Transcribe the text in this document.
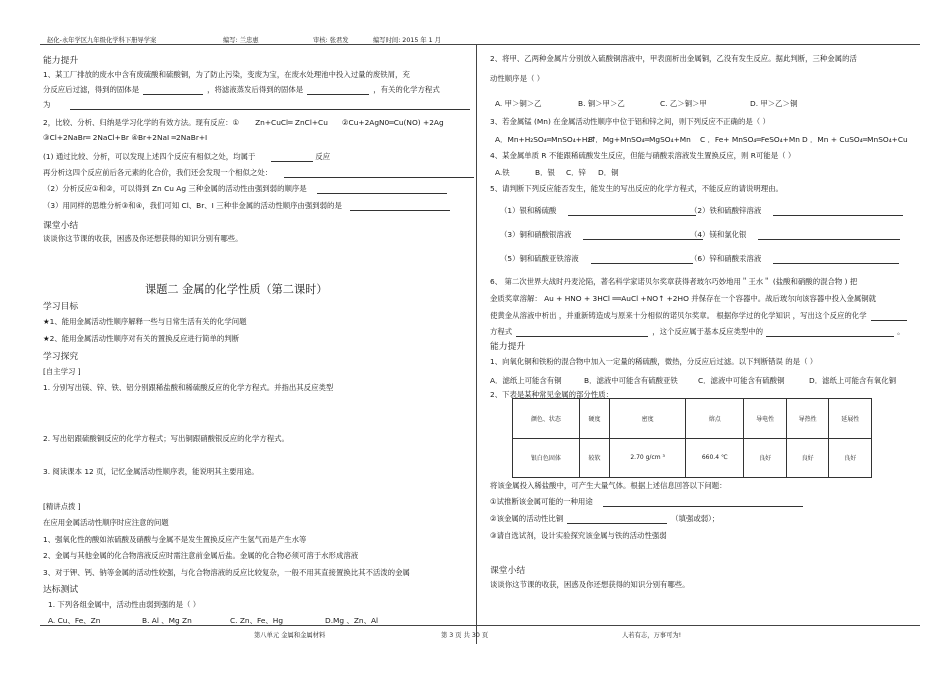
赵化-永年学区九年级化学科下册导学案	编写: 兰忠惠	审核: 张君发	编写时间: 2015 年 1 月
能力提升
1、某工厂排放的废水中含有废硫酸和硫酸铜，为了防止污染，变废为宝，在废水处理池中投入过量的废铁屑，充
分反应后过滤，得到的固体是	，将滤液蒸发后得到的固体是	，有关的化学方程式
为
2，比较、分析、归纳是学习化学的有效方法。现有反应：① Zn+CuCl═ ZnCl+Cu ②Cu+2AgN0═Cu(NO) +2Ag
③Cl+2NaBr═ 2NaCl+Br ④Br+2NaI ═2NaBr+I
(1) 通过比较、分析，可以发现上述四个反应有相似之处，均属于	反应
再分析这四个反应前后各元素的化合价，我们还会发现一个相似之处：
（2）分析反应①和②，可以得到 Zn Cu Ag 三种金属的活动性由强到弱的顺序是
（3）用同样的思维分析③和④，我们可知 Cl、Br、I 三种非金属的活动性顺序由强到弱的是
课堂小结
谈谈你这节课的收获，困惑及你还想获得的知识分别有哪些。
课题二 金属的化学性质（第二课时）
学习目标
★1、能用金属活动性顺序解释一些与日常生活有关的化学问题
★2、能用金属活动性顺序对有关的置换反应进行简单的判断
学习探究
[自主学习 ]
1. 分别写出镁、锌、铁、铝分别跟稀盐酸和稀硫酸反应的化学方程式。并指出其反应类型
2. 写出铝跟硫酸铜反应的化学方程式；写出铜跟硝酸银反应的化学方程式。
3. 阅读课本 12 页，记忆金属活动性顺序表，能说明其主要用途。
[精讲点拨 ]
在应用金属活动性顺序时应注意的问题
1、强氧化性的酸如浓硫酸及硝酸与金属不是发生置换反应产生氢气而是产生水等
2、金属与其他金属的化合物溶液反应时需注意前金属后盐。金属的化合物必须可溶于水形成溶液
3、对于钾、钙、钠等金属的活动性较强，与化合物溶液的反应比较复杂，一般不用其直接置换比其不活泼的金属
达标测试
1. 下列各组金属中，活动性由弱到强的是（ ）
A. Cu、Fe、Zn	B. Al 、Mg Zn	C. Zn、Fe、Hg	D.Mg 、Zn、Al
2、将甲、乙两种金属片分别放入硫酸铜溶液中，甲表面析出金属铜，乙没有发生反应。据此判断，三种金属的活
动性顺序是（ ）
A. 甲＞铜＞乙	B. 铜＞甲＞乙	C. 乙＞铜＞甲	D. 甲＞乙＞铜
3、若金属锰 (Mn) 在金属活动性顺序中位于铝和锌之间，则下列反应不正确的是（ ）
A．Mn+H₂SO₄═MnSO₄+H₂↑
B ．Mg+MnSO₄═MgSO₄+Mn C ．Fe+ MnSO₄═FeSO₄+Mn D ．Mn + CuSO₄═MnSO₄+Cu
4、某金属单质 R 不能跟稀硫酸发生反应，但能与硝酸汞溶液发生置换反应，则 R可能是（ ）
A.铁	B．银 C．锌 D．铜
5、请判断下列反应能否发生，能发生的写出反应的化学方程式，不能反应的请说明理由。
（1）银和稀硫酸	（2）铁和硫酸锌溶液
（3）铜和硝酸银溶液	（4）镁和氯化银
（5）铜和硫酸亚铁溶液	（6）锌和硝酸汞溶液
6、 第二次世界大战时丹麦沦陷，著名科学家诺贝尔奖章获得者玻尔巧妙地用＂王水＂ (盐酸和硝酸的混合物 ) 把
金质奖章溶解： Au + HNO + 3HCl ══AuCl +NO↑ +2HO 并保存在一个容器中。战后玻尔向该容器中投入金属铜就
使黄金从溶液中析出 ，并重新铸造成与原来十分相似的诺贝尔奖章。 根据你学过的化学知识 ，写出这个反应的化学
方程式	，这个反应属于基本反应类型中的	。
能力提升
1、向氧化铜和铁粉的混合物中加入一定量的稀硫酸，微热，分反应后过滤。以下判断错误 的是（ ）
A．滤纸上可能含有铜	B．滤液中可能含有硫酸亚铁	C．滤液中可能含有硫酸铜	D．滤纸上可能含有氧化铜
2、下表是某种常见金属的部分性质：
颜色、状态	硬度	密度	熔点	导电性	导热性	延展性
银白色固体	较软	2.70 g/cm ³	660.4 ℃	良好	良好	良好
将该金属投入稀盐酸中，可产生大量气体。根据上述信息回答以下问题：
①试推断该金属可能的一种用途
②该金属的活动性比铜	（填强或弱）；
③请自选试剂，设计实验探究该金属与铁的活动性强弱
课堂小结
谈谈你这节课的收获，困惑及你还想获得的知识分别有哪些。
第八单元 金属和金属材料	第 3 页 共 30 页	人若有志，万事可为!
